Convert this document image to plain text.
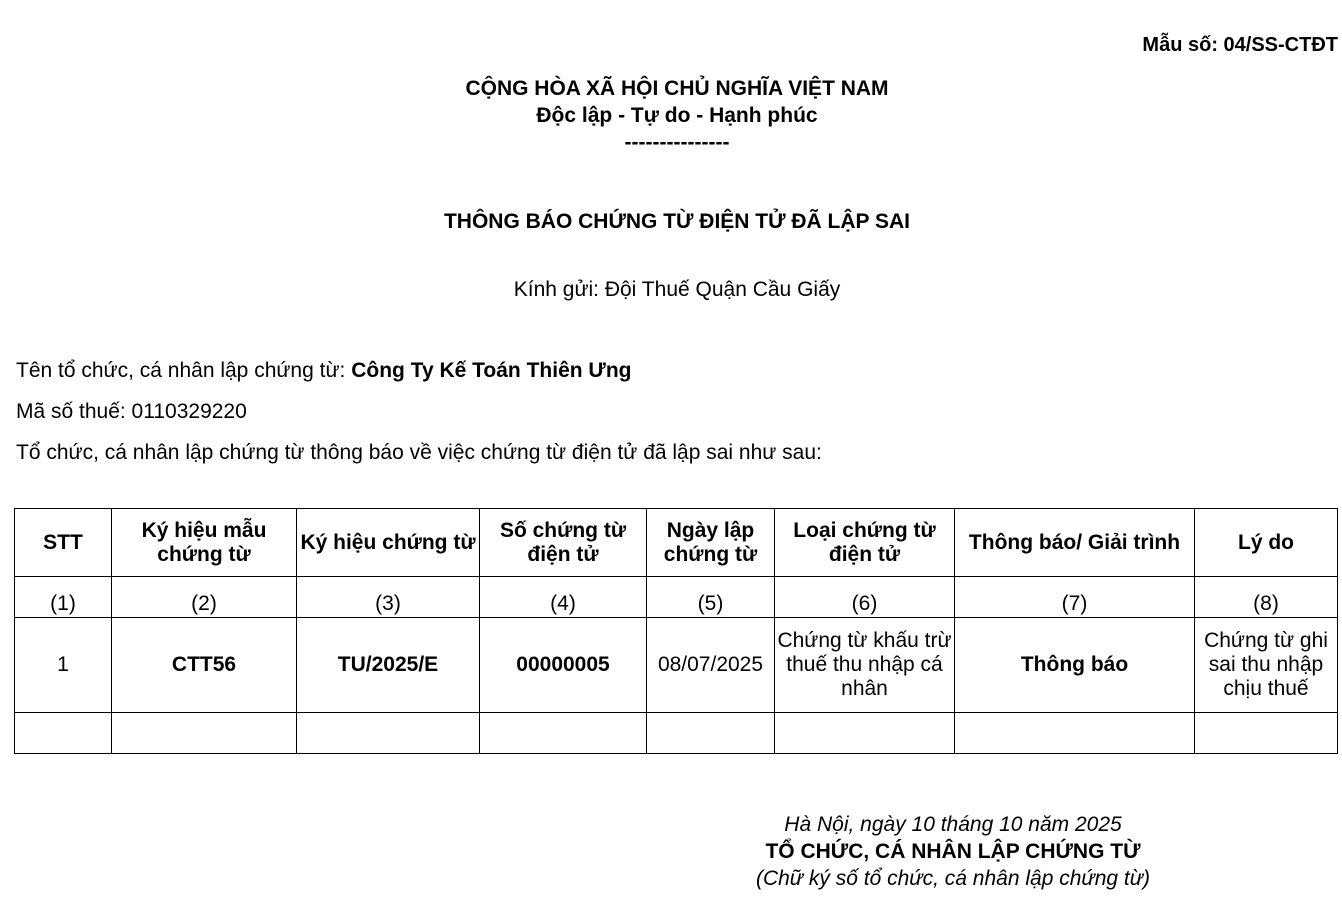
Mẫu số: 04/SS-CTĐT
CỘNG HÒA XÃ HỘI CHỦ NGHĨA VIỆT NAM
Độc lập - Tự do - Hạnh phúc
---------------
THÔNG BÁO CHỨNG TỪ ĐIỆN TỬ ĐÃ LẬP SAI
Kính gửi: Đội Thuế Quận Cầu Giấy
Tên tổ chức, cá nhân lập chứng từ: Công Ty Kế Toán Thiên Ưng
Mã số thuế: 0110329220
Tổ chức, cá nhân lập chứng từ thông báo về việc chứng từ điện tử đã lập sai như sau:
STT	Ký hiệu mẫu chứng từ	Ký hiệu chứng từ	Số chứng từ điện tử	Ngày lập chứng từ	Loại chứng từ điện tử	Thông báo/ Giải trình	Lý do
(1)	(2)	(3)	(4)	(5)	(6)	(7)	(8)
1	CTT56	TU/2025/E	00000005	08/07/2025	Chứng từ khấu trừ thuế thu nhập cá nhân	Thông báo	Chứng từ ghi sai thu nhập chịu thuế

Hà Nội, ngày 10 tháng 10 năm 2025
TỔ CHỨC, CÁ NHÂN LẬP CHỨNG TỪ
(Chữ ký số tổ chức, cá nhân lập chứng từ)
